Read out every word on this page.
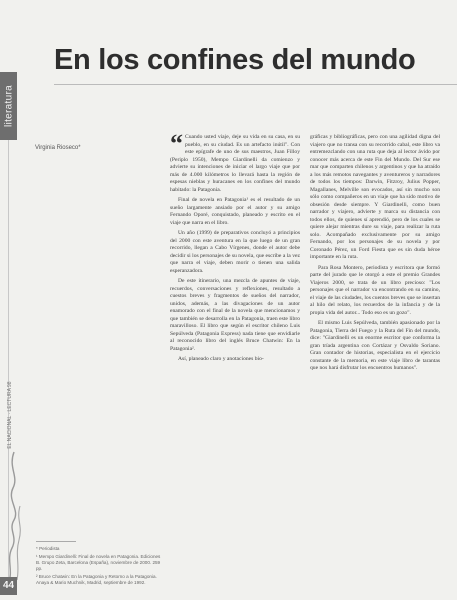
literatura
En los confines del mundo
Virginia Rioseco*
EL NACIONAL · LECTURA 98

“ Cuando usted viaje, deje su vida en su casa, en su pueblo, en su ciudad. Es un artefacto inútil". Con este epígrafe de uno de sus maestros, Juan Filloy (Periplo 1950), Mempo Giardinelli da comienzo y advierte su intenciones de iniciar el largo viaje que por más de 4.000 kilómetros lo llevará hasta la región de espesas nieblas y huracanes en los confines del mundo habitado: la Patagonia.

Final de novela en Patagonia¹ es el resultado de un sueño largamente ansiado por el autor y su amigo Fernando Oporé, conquistado, planeado y escrito en el viaje que narra en el libro.

Un año (1999) de preparativos concluyó a principios del 2000 con este aventura en la que luego de un gran recorrido, llegan a Cabo Vírgenes, donde el autor debe decidir si los personajes de su novela, que escribe a la vez que narra el viaje, deben morir o tienen una salida esperanzadora.

De este itinerario, una mezcla de apuntes de viaje, recuerdos, conversaciones y reflexiones, resultado a cuestos breves y fragmentos de sueños del narrador, unidos, además, a las divagaciones de un autor enamorado con el final de la novela que mencionamos y que también se desarrolla en la Patagonia, traen este libro maravilloso. El libro que según el escritor chileno Luis Sepúlveda (Patagonia Express) nada tiene que envidiarle al reconocido libro del inglés Bruce Chatwin: En la Patagonia².

Así, planeado claro y anotaciones bio-

gráficas y bibliográficas, pero con una agilidad digna del viajero que no transa con su recorrido cabal, este libro va entremezclando con una ruta que deja al lector ávido por conocer más acerca de este Fin del Mundo. Del Sur ese mar que comparten chilenos y argentinos y que ha atraído a los más remotos navegantes y aventureros y narradores de todos los tiempos: Darwin, Fitzroy, Julius Popper, Magallanes, Melville son evocados, así sin mucho son sólo como compañeros en un viaje que ha sido motivo de obsesión desde siempre. Y Giardinelli, como buen narrador y viajero, advierte y marca su distancia con todos ellos, de quienes sí aprendió, pero de los cuales se quiere alejar mientras dure su viaje, para realizar la ruta solo. Acompañado exclusivamente por su amigo Fernando, por los personajes de su novela y por Coronado Pérez, un Ford Fiesta que es sin duda héroe importante en la ruta.

Para Rosa Montero, periodista y escritora que formó parte del jurado que le otorgó a este el premio Grandes Viajeros 2000, se trata de un libro precioso: "Los personajes que el narrador va encontrando en su camino, el viaje de las ciudades, los cuentos breves que se insertan al hilo del relato, los recuerdos de la infancia y de la propia vida del autor... Todo eso es un gozo".

El mismo Luis Sepúlveda, también apasionado por la Patagonia, Tierra del Fuego y la Ruta del Fin del mundo, dice: "Giardinelli es un enorme escritor que conforma la gran tríada argentina con Cortázar y Osvaldo Soriano. Gran contador de historias, especialista en el ejercicio constante de la memoria, en este viaje libro de tarantas que nos hará disfrutar los encuentros humanos".

* Periodista

¹ Mempo Giardinelli: Final de novela en Patagonia. Ediciones B. Grupo Zeta, Barcelona (España), noviembre de 2000. 259 pp.

² Bruce Chatwin: En la Patagonia y Retorno a la Patagonia. Anaya & Mario Muchnik, Madrid, septiembre de 1992.

44
